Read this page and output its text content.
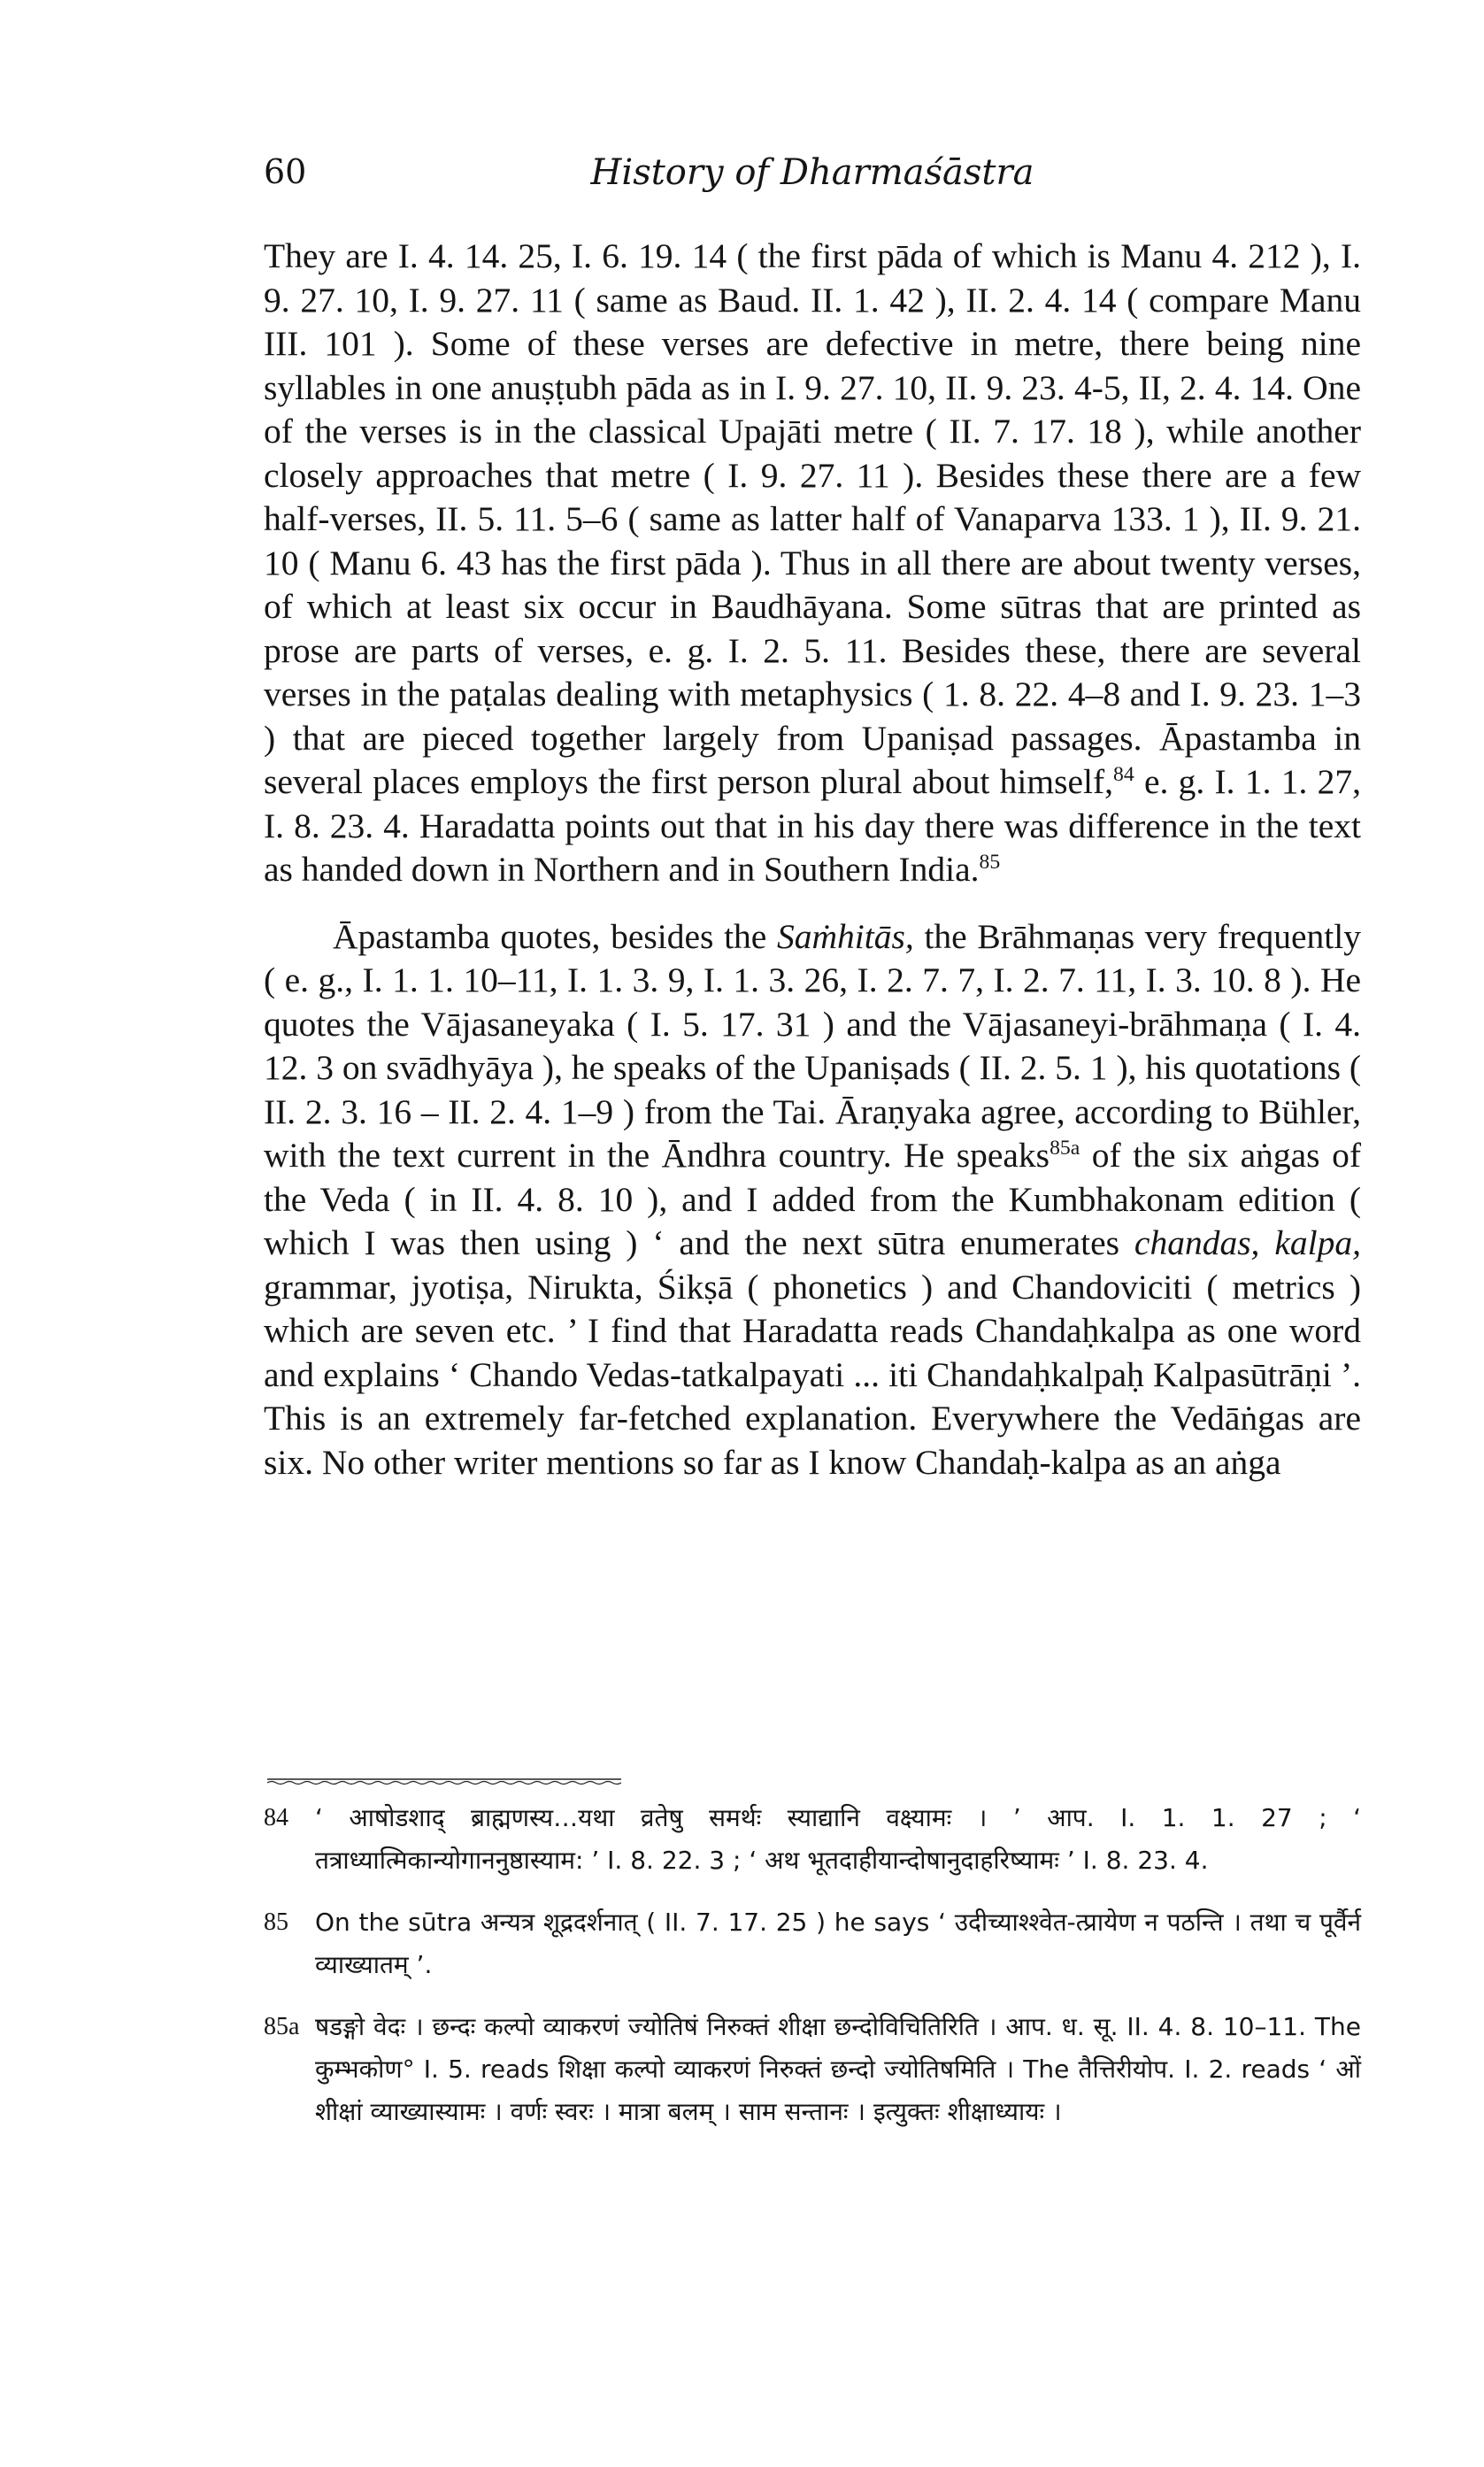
60	History of Dharmaśāstra

They are I. 4. 14. 25, I. 6. 19. 14 ( the first pāda of which is Manu 4. 212 ), I. 9. 27. 10, I. 9. 27. 11 ( same as Baud. II. 1. 42 ), II. 2. 4. 14 ( compare Manu III. 101 ). Some of these verses are defective in metre, there being nine syllables in one anuṣṭubh pāda as in I. 9. 27. 10, II. 9. 23. 4-5, II, 2. 4. 14. One of the verses is in the classical Upajāti metre ( II. 7. 17. 18 ), while another closely approaches that metre ( I. 9. 27. 11 ). Besides these there are a few half-verses, II. 5. 11. 5–6 ( same as latter half of Vanaparva 133. 1 ), II. 9. 21. 10 ( Manu 6. 43 has the first pāda ). Thus in all there are about twenty verses, of which at least six occur in Baudhāyana. Some sūtras that are printed as prose are parts of verses, e. g. I. 2. 5. 11. Besides these, there are several verses in the paṭalas dealing with metaphysics ( 1. 8. 22. 4–8 and I. 9. 23. 1–3 ) that are pieced together largely from Upaniṣad passages. Āpastamba in several places employs the first person plural about himself,$^{84}$ e. g. I. 1. 1. 27, I. 8. 23. 4. Haradatta points out that in his day there was difference in the text as handed down in Northern and in Southern India.$^{85}$

Āpastamba quotes, besides the Saṁhitās, the Brāhmaṇas very frequently ( e. g., I. 1. 1. 10–11, I. 1. 3. 9, I. 1. 3. 26, I. 2. 7. 7, I. 2. 7. 11, I. 3. 10. 8 ). He quotes the Vājasaneyaka ( I. 5. 17. 31 ) and the Vājasaneyi-brāhmaṇa ( I. 4. 12. 3 on svādhyāya ), he speaks of the Upaniṣads ( II. 2. 5. 1 ), his quotations ( II. 2. 3. 16 – II. 2. 4. 1–9 ) from the Tai. Āraṇyaka agree, according to Bühler, with the text current in the Āndhra country. He speaks$^{85a}$ of the six aṅgas of the Veda ( in II. 4. 8. 10 ), and I added from the Kumbhakonam edition ( which I was then using ) ‘ and the next sūtra enumerates chandas, kalpa, grammar, jyotiṣa, Nirukta, Śikṣā ( phonetics ) and Chandoviciti ( metrics ) which are seven etc. ’ I find that Haradatta reads Chandaḥkalpa as one word and explains ‘ Chando Vedas-tatkalpayati ... iti Chandaḥkalpaḥ Kalpasūtrāṇi ’. This is an extremely far-fetched explanation. Everywhere the Vedāṅgas are six. No other writer mentions so far as I know Chandaḥ-kalpa as an aṅga

84 ‘ आषोडशाद् ब्राह्मणस्य…यथा व्रतेषु समर्थः स्याद्यानि वक्ष्यामः । ’ आप. I. 1. 1. 27 ; ‘ तत्राध्यात्मिकान्योगाननुष्ठास्याम: ’ I. 8. 22. 3 ; ‘ अथ भूतदाहीयान्दोषानुदाहरिष्यामः ’ I. 8. 23. 4.
85 On the sūtra अन्यत्र शूद्रदर्शनात् ( II. 7. 17. 25 ) he says ‘ उदीच्याश्श्वेत-त्प्रायेण न पठन्ति । तथा च पूर्वैर्न व्याख्यातम् ’.
85a षडङ्गो वेदः । छन्दः कल्पो व्याकरणं ज्योतिषं निरुक्तं शीक्षा छन्दोविचितिरिति । आप. ध. सू. II. 4. 8. 10–11. The कुम्भकोण° I. 5. reads शिक्षा कल्पो व्याकरणं निरुक्तं छन्दो ज्योतिषमिति । The तैत्तिरीयोप. I. 2. reads ‘ ओं शीक्षां व्याख्यास्यामः । वर्णः स्वरः । मात्रा बलम् । साम सन्तानः । इत्युक्तः शीक्षाध्यायः ।
